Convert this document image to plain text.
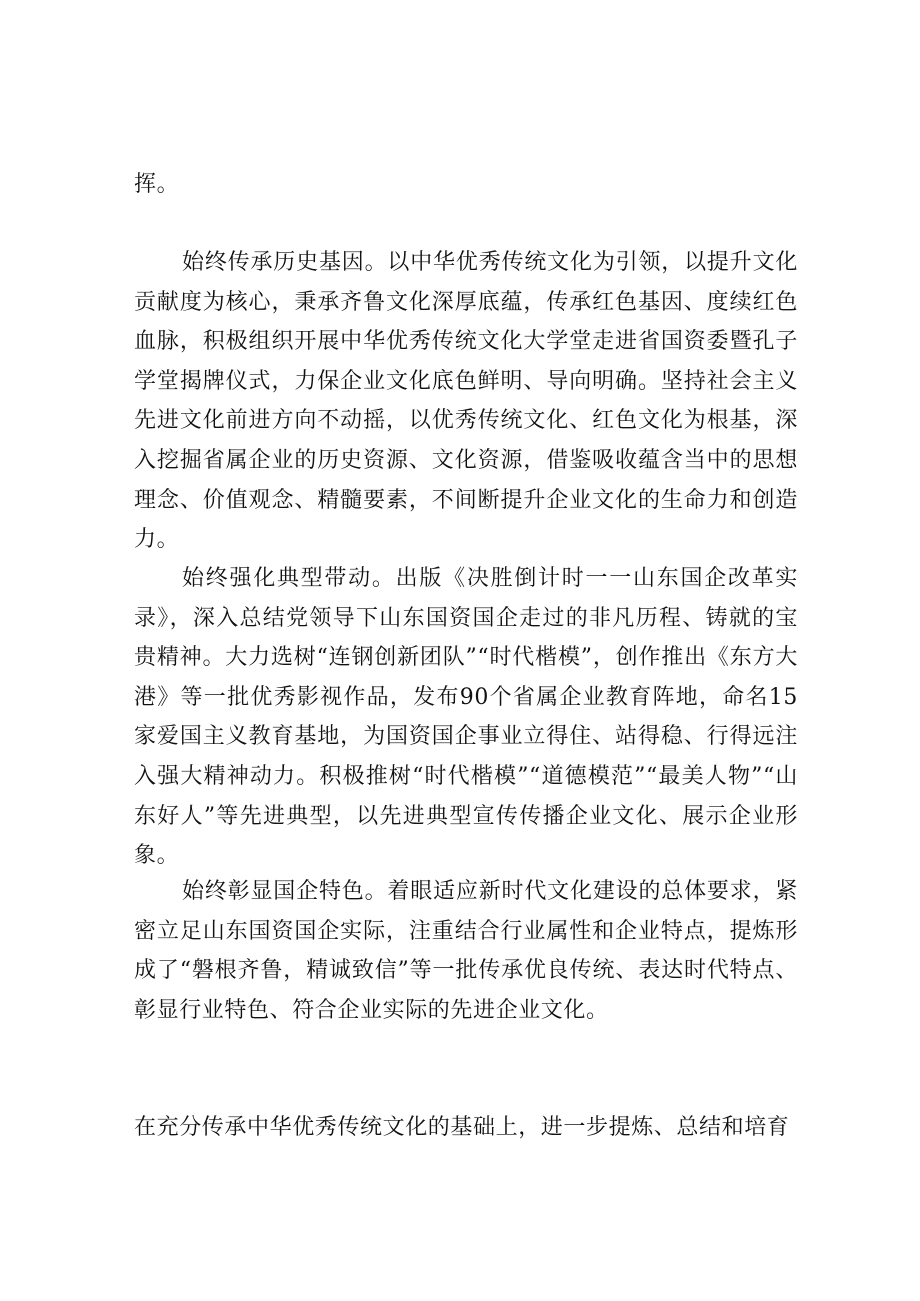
挥。

始终传承历史基因。以中华优秀传统文化为引领，以提升文化贡献度为核心，秉承齐鲁文化深厚底蕴，传承红色基因、度续红色血脉，积极组织开展中华优秀传统文化大学堂走进省国资委暨孔子学堂揭牌仪式，力保企业文化底色鲜明、导向明确。坚持社会主义先进文化前进方向不动摇，以优秀传统文化、红色文化为根基，深入挖掘省属企业的历史资源、文化资源，借鉴吸收蕴含当中的思想理念、价值观念、精髓要素，不间断提升企业文化的生命力和创造力。

始终强化典型带动。出版《决胜倒计时一一山东国企改革实录》，深入总结党领导下山东国资国企走过的非凡历程、铸就的宝贵精神。大力选树“连钢创新团队”“时代楷模”，创作推出《东方大港》等一批优秀影视作品，发布90个省属企业教育阵地，命名15家爱国主义教育基地，为国资国企事业立得住、站得稳、行得远注入强大精神动力。积极推树“时代楷模”“道德模范”“最美人物”“山东好人”等先进典型，以先进典型宣传传播企业文化、展示企业形象。

始终彰显国企特色。着眼适应新时代文化建设的总体要求，紧密立足山东国资国企实际，注重结合行业属性和企业特点，提炼形成了“磐根齐鲁，精诚致信”等一批传承优良传统、表达时代特点、彰显行业特色、符合企业实际的先进企业文化。

在充分传承中华优秀传统文化的基础上，进一步提炼、总结和培育
